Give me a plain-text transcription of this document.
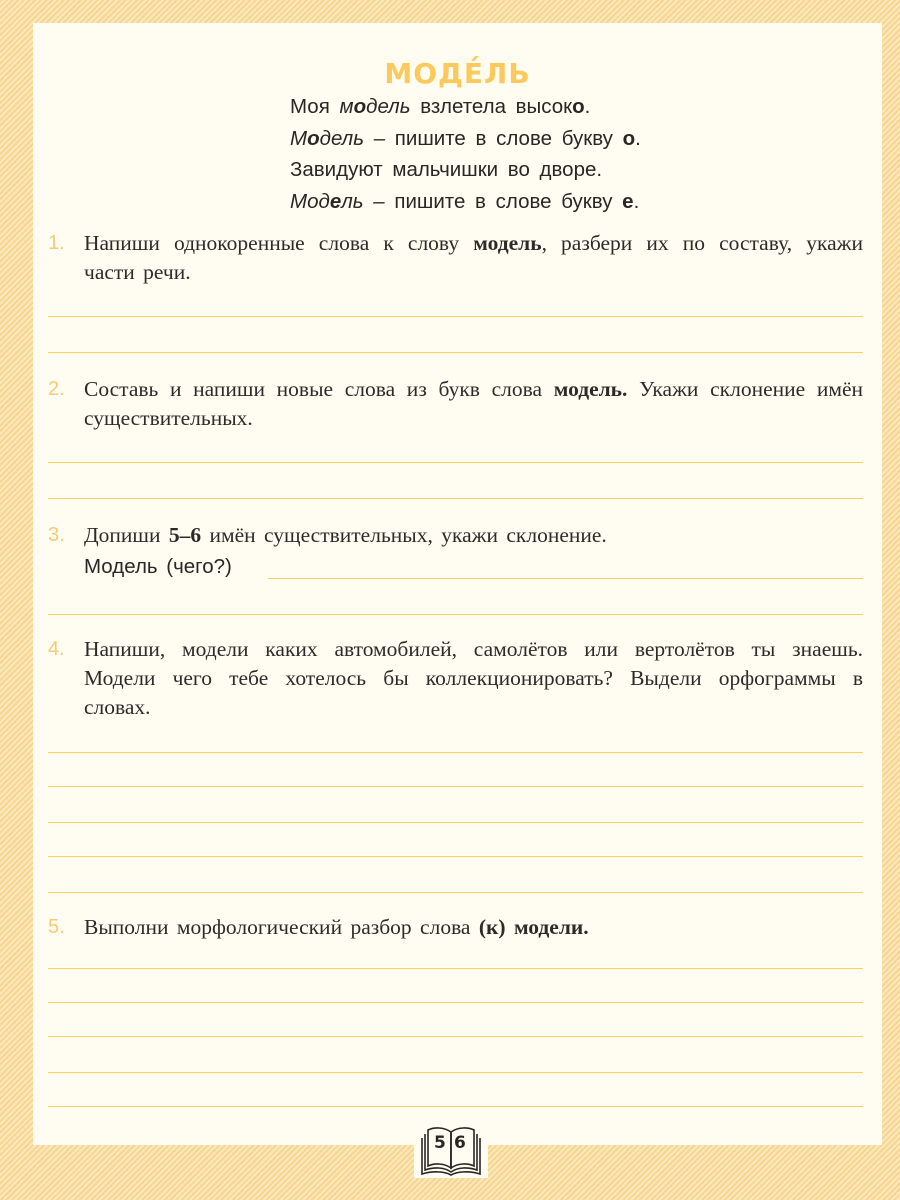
МОДЕ́ЛЬ
Моя модель взлетела высоко.
Модель – пишите в слове букву о.
Завидуют мальчишки во дворе.
Модель – пишите в слове букву е.
1. Напиши однокоренные слова к слову модель, разбери их по составу, укажи части речи.
2. Составь и напиши новые слова из букв слова модель. Укажи склонение имён существительных.
3. Допиши 5–6 имён существительных, укажи склонение.
Модель (чего?)
4. Напиши, модели каких автомобилей, самолётов или вертолётов ты знаешь. Модели чего тебе хотелось бы коллекционировать? Выдели орфограммы в словах.
5. Выполни морфологический разбор слова (к) модели.
5 6
